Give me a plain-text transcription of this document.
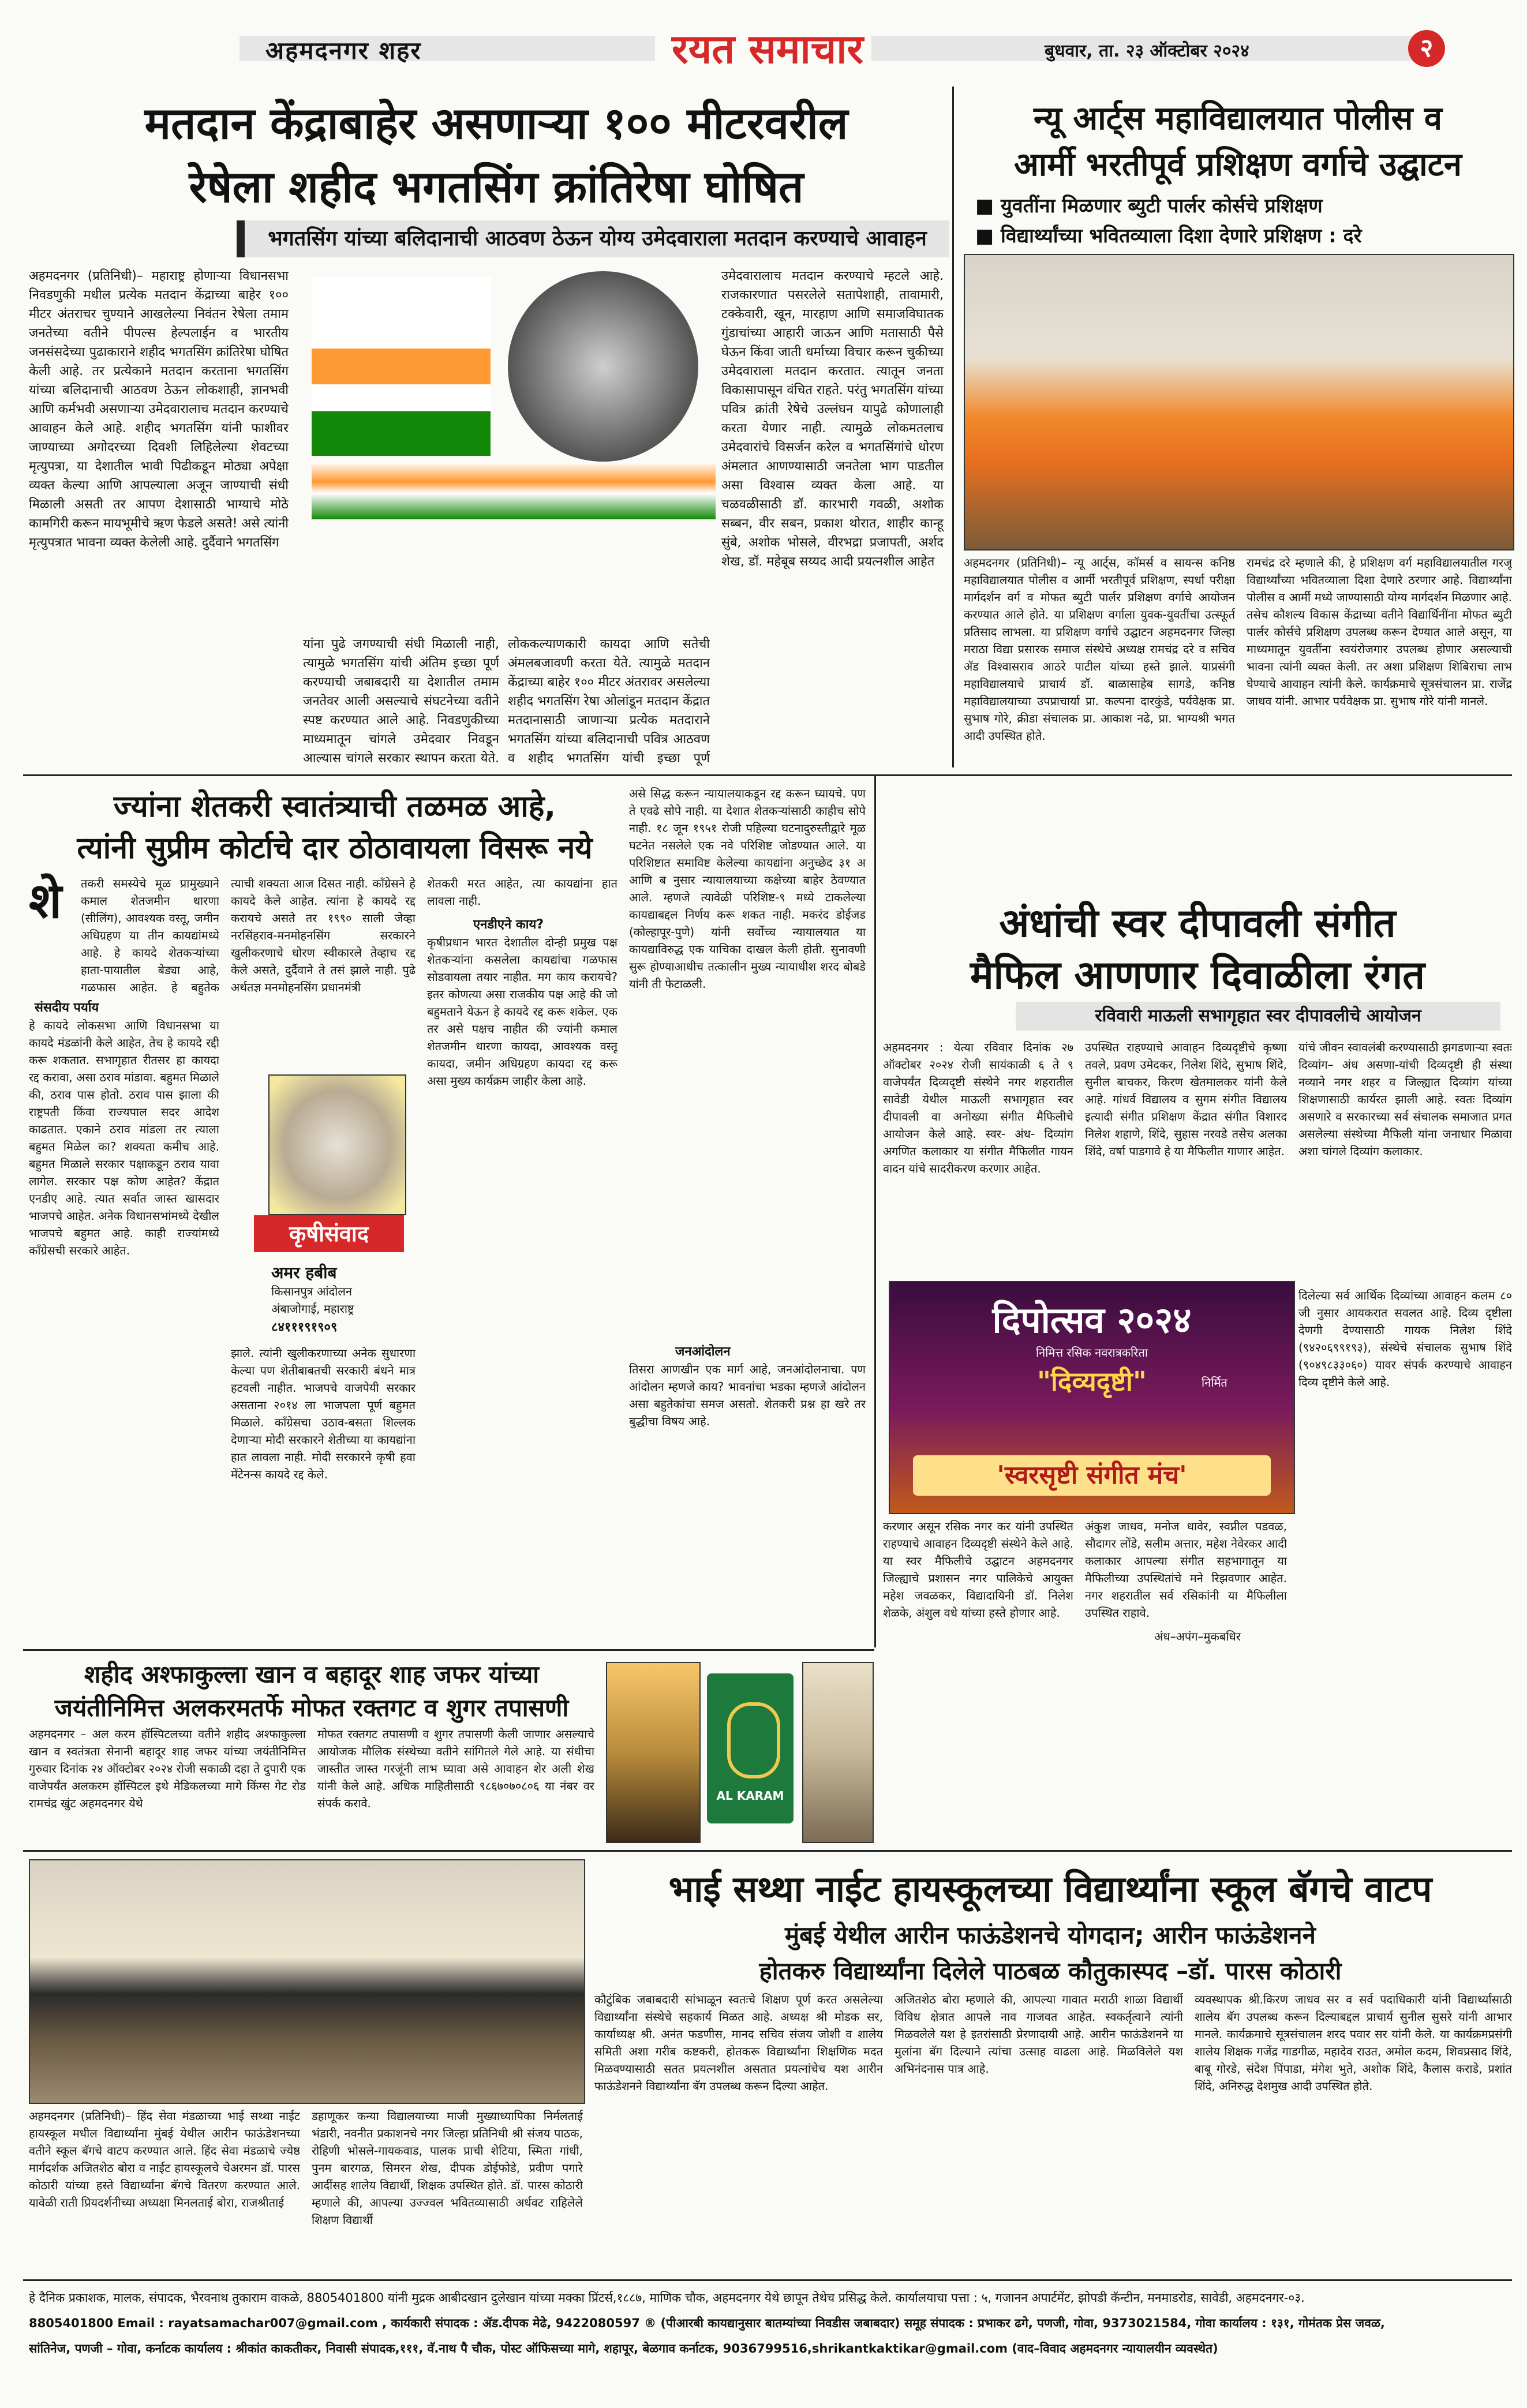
अहमदनगर शहर	रयत समाचार	बुधवार, ता. २३ ऑक्टोबर २०२४	२
मतदान केंद्राबाहेर असणाऱ्या १०० मीटरवरील
रेषेला शहीद भगतसिंग क्रांतिरेषा घोषित
भगतसिंग यांच्या बलिदानाची आठवण ठेऊन योग्य उमेदवाराला मतदान करण्याचे आवाहन
अहमदनगर (प्रतिनिधी)– महाराष्ट्र होणाऱ्या विधानसभा निवडणुकी मधील प्रत्येक मतदान केंद्राच्या बाहेर १०० मीटर अंतराचर चुण्याने आखलेल्या निवंतन रेषेला तमाम जनतेच्या वतीने पीपल्स हेल्पलाईन व भारतीय जनसंसदेच्या पुढाकाराने शहीद भगतसिंग क्रांतिरेषा घोषित केली आहे. तर प्रत्येकाने मतदान करताना भगतसिंग यांच्या बलिदानाची आठवण ठेऊन लोकशाही, ज्ञानभवी आणि कर्मभवी असणाऱ्या उमेदवारालाच मतदान करण्याचे आवाहन केले आहे. शहीद भगतसिंग यांनी फाशीवर जाण्याच्या अगोदरच्या दिवशी लिहिलेल्या शेवटच्या मृत्युपत्रा, या देशातील भावी पिढीकडून मोठ्या अपेक्षा व्यक्त केल्या आणि आपल्याला अजून जाण्याची संधी मिळाली असती तर आपण देशासाठी भाग्याचे मोठे कामगिरी करून मायभूमीचे ऋण फेडले असते! असे त्यांनी मृत्युपत्रात भावना व्यक्त केलेली आहे. दुर्दैवाने भगतसिंग
यांना पुढे जगण्याची संधी मिळाली नाही, त्यामुळे भगतसिंग यांची अंतिम इच्छा पूर्ण करण्याची जबाबदारी या देशातील तमाम जनतेवर आली असल्याचे संघटनेच्या वतीने स्पष्ट करण्यात आले आहे. निवडणुकीच्या माध्यमातून चांगले उमेदवार निवडून आल्यास चांगले सरकार स्थापन करता येते.
लोककल्याणकारी कायदा आणि सतेची अंमलबजावणी करता येते. त्यामुळे मतदान केंद्राच्या बाहेर १०० मीटर अंतरावर असलेल्या शहीद भगतसिंग रेषा ओलांडून मतदान केंद्रात मतदानासाठी जाणाऱ्या प्रत्येक मतदाराने भगतसिंग यांच्या बलिदानाची पवित्र आठवण व शहीद भगतसिंग यांची इच्छा पूर्ण
उमेदवारालाच मतदान करण्याचे म्हटले आहे. राजकारणात पसरलेले सतापेशाही, तावामारी, टक्केवारी, खून, मारहाण आणि समाजविघातक गुंडाचांच्या आहारी जाऊन आणि मतासाठी पैसे घेऊन किंवा जाती धर्माच्या विचार करून चुकीच्या उमेदवाराला मतदान करतात. त्यातून जनता विकासापासून वंचित राहते. परंतु भगतसिंग यांच्या पवित्र क्रांती रेषेचे उल्लंघन यापुढे कोणालाही करता येणार नाही. त्यामुळे लोकमतलाच उमेदवारांचे विसर्जन करेल व भगतसिंगांचे धोरण अंमलात आणण्यासाठी जनतेला भाग पाडतील असा विश्वास व्यक्त केला आहे. या चळवळीसाठी डॉ. कारभारी गवळी, अशोक सब्बन, वीर सबन, प्रकाश थोरात, शाहीर कान्हू सुंबे, अशोक भोसले, वीरभद्रा प्रजापती, अर्शद शेख, डॉ. महेबूब सय्यद आदी प्रयत्नशील आहेत
न्यू आर्ट्स महाविद्यालयात पोलीस व
आर्मी भरतीपूर्व प्रशिक्षण वर्गाचे उद्घाटन
■ युवतींना मिळणार ब्युटी पार्लर कोर्सचे प्रशिक्षण
■ विद्यार्थ्यांच्या भवितव्याला दिशा देणारे प्रशिक्षण : दरे
अहमदनगर (प्रतिनिधी)– न्यू आर्ट्स, कॉमर्स व सायन्स कनिष्ठ महाविद्यालयात पोलीस व आर्मी भरतीपूर्व प्रशिक्षण, स्पर्धा परीक्षा मार्गदर्शन वर्ग व मोफत ब्युटी पार्लर प्रशिक्षण वर्गाचे आयोजन करण्यात आले होते. या प्रशिक्षण वर्गाला युवक-युवतींचा उत्स्फूर्त प्रतिसाद लाभला. या प्रशिक्षण वर्गाचे उद्घाटन अहमदनगर जिल्हा मराठा विद्या प्रसारक समाज संस्थेचे अध्यक्ष रामचंद्र दरे व सचिव ॲड विश्वासराव आठरे पाटील यांच्या हस्ते झाले. याप्रसंगी महाविद्यालयाचे प्राचार्य डॉ. बाळासाहेब सागडे, कनिष्ठ महाविद्यालयाच्या उपप्राचार्या प्रा. कल्पना दारकुंडे, पर्यवेक्षक प्रा. सुभाष गोरे, क्रीडा संचालक प्रा. आकाश नढे, प्रा. भाग्यश्री भगत आदी उपस्थित होते.
रामचंद्र दरे म्हणाले की, हे प्रशिक्षण वर्ग महाविद्यालयातील गरजू विद्यार्थ्यांच्या भवितव्याला दिशा देणारे ठरणार आहे. विद्यार्थ्यांना पोलीस व आर्मी मध्ये जाण्यासाठी योग्य मार्गदर्शन मिळणार आहे. तसेच कौशल्य विकास केंद्राच्या वतीने विद्यार्थिनींना मोफत ब्युटी पार्लर कोर्सचे प्रशिक्षण उपलब्ध करून देण्यात आले असून, या माध्यमातून युवतींना स्वयंरोजगार उपलब्ध होणार असल्याची भावना त्यांनी व्यक्त केली. तर अशा प्रशिक्षण शिबिराचा लाभ घेण्याचे आवाहन त्यांनी केले. कार्यक्रमाचे सूत्रसंचालन प्रा. राजेंद्र जाधव यांनी. आभार पर्यवेक्षक प्रा. सुभाष गोरे यांनी मानले.
ज्यांना शेतकरी स्वातंत्र्याची तळमळ आहे,
त्यांनी सुप्रीम कोर्टाचे दार ठोठावायला विसरू नये
शे तकरी समस्येचे मूळ प्रामुख्याने कमाल शेतजमीन धारणा (सीलिंग), आवश्यक वस्तू, जमीन अधिग्रहण या तीन कायद्यांमध्ये आहे. हे कायदे शेतकऱ्यांच्या हाता-पायातील बेड्या आहे, गळफास आहेत. हे बहुतेक
संसदीय पर्याय
हे कायदे लोकसभा आणि विधानसभा या कायदे मंडळांनी केले आहेत, तेच हे कायदे रद्दी करू शकतात. सभागृहात रीतसर हा कायदा रद्द करावा, असा ठराव मांडावा. बहुमत मिळाले की, ठराव पास होतो. ठराव पास झाला की राष्ट्रपती किंवा राज्यपाल सदर आदेश काढतात. एकाने ठराव मांडला तर त्याला बहुमत मिळेल का? शक्यता कमीच आहे. बहुमत मिळाले सरकार पक्षाकडून ठराव यावा लागेल. सरकार पक्ष कोण आहेत? केंद्रात एनडीए आहे. त्यात सर्वात जास्त खासदार भाजपचे आहेत. अनेक विधानसभांमध्ये देखील भाजपचे बहुमत आहे. काही राज्यांमध्ये काँग्रेसची सरकारे आहेत.
त्याची शक्यता आज दिसत नाही. काँग्रेसने हे कायदे केले आहेत. त्यांना हे कायदे रद्द करायचे असते तर १९९० साली जेव्हा नरसिंहराव-मनमोहनसिंग सरकारने खुलीकरणाचे धोरण स्वीकारले तेव्हाच रद्द केले असते, दुर्दैवाने ते तसं झाले नाही. पुढे अर्थतज्ञ मनमोहनसिंग प्रधानमंत्री
शेतकरी मरत आहेत, त्या कायद्यांना हात लावला नाही.
एनडीएने काय?
कृषीप्रधान भारत देशातील दोन्ही प्रमुख पक्ष शेतकऱ्यांना कसलेला कायद्यांचा गळफास सोडवायला तयार नाहीत. मग काय करायचे? इतर कोणत्या असा राजकीय पक्ष आहे की जो बहुमताने येऊन हे कायदे रद्द करू शकेल. एक तर असे पक्षच नाहीत की ज्यांनी कमाल शेतजमीन धारणा कायदा, आवश्यक वस्तू कायदा, जमीन अधिग्रहण कायदा रद्द करू असा मुख्य कार्यक्रम जाहीर केला आहे.
कृषीसंवाद
अमर हबीब
किसानपुत्र आंदोलन
अंबाजोगाई, महाराष्ट्र
८४१११९१९०९
झाले. त्यांनी खुलीकरणाच्या अनेक सुधारणा केल्या पण शेतीबाबतची सरकारी बंधने मात्र हटवली नाहीत. भाजपचे वाजपेयी सरकार असताना २०१४ ला भाजपला पूर्ण बहुमत मिळाले. काँग्रेसचा उठाव-बसता शिल्लक देणाऱ्या मोदी सरकारने शेतीच्या या कायद्यांना हात लावला नाही. मोदी सरकारने कृषी हवा मेंटेनन्स कायदे रद्द केले.
असे सिद्ध करून न्यायालयाकडून रद्द करून घ्यायचे. पण ते एवढे सोपे नाही. या देशात शेतकऱ्यांसाठी काहीच सोपे नाही. १८ जून १९५१ रोजी पहिल्या घटनादुरुस्तीद्वारे मूळ घटनेत नसलेले एक नवे परिशिष्ट जोडण्यात आले. या परिशिष्टात समाविष्ट केलेल्या कायद्यांना अनुच्छेद ३१ अ आणि ब नुसार न्यायालयाच्या कक्षेच्या बाहेर ठेवण्यात आले. म्हणजे त्यावेळी परिशिष्ट-९ मध्ये टाकलेल्या कायद्याबद्दल निर्णय करू शकत नाही. मकरंद डोईजड (कोल्हापूर-पुणे) यांनी सर्वोच्च न्यायालयात या कायद्याविरुद्ध एक याचिका दाखल केली होती. सुनावणी सुरू होण्याआधीच तत्कालीन मुख्य न्यायाधीश शरद बोबडे यांनी ती फेटाळली.
जनआंदोलन
तिसरा आणखीन एक मार्ग आहे, जनआंदोलनाचा. पण आंदोलन म्हणजे काय? भावनांचा भडका म्हणजे आंदोलन असा बहुतेकांचा समज असतो. शेतकरी प्रश्न हा खरे तर बुद्धीचा विषय आहे.
अंधांची स्वर दीपावली संगीत
मैफिल आणणार दिवाळीला रंगत
रविवारी माऊली सभागृहात स्वर दीपावलीचे आयोजन
अहमदनगर : येत्या रविवार दिनांक २७ ऑक्टोबर २०२४ रोजी सायंकाळी ६ ते ९ वाजेपर्यंत दिव्यदृष्टी संस्थेने नगर शहरातील सावेडी येथील माऊली सभागृहात स्वर दीपावली वा अनोख्या संगीत मैफिलीचे आयोजन केले आहे. स्वर- अंध- दिव्यांग अगणित कलाकार या संगीत मैफिलीत गायन वादन यांचे सादरीकरण करणार आहेत.
उपस्थित राहण्याचे आवाहन दिव्यदृष्टीचे कृष्णा तवले, प्रवण उमेदकर, निलेश शिंदे, सुभाष शिंदे, सुनील बाचकर, किरण खेतमालकर यांनी केले आहे. गांधर्व विद्यालय व सुगम संगीत विद्यालय इत्यादी संगीत प्रशिक्षण केंद्रात संगीत विशारद निलेश शहाणे, शिंदे, सुहास नरवडे तसेच अलका शिंदे, वर्षा पाडगावे हे या मैफिलीत गाणार आहेत.
यांचे जीवन स्वावलंबी करण्यासाठी झगडणाऱ्या स्वतः दिव्यांग– अंध असणा-यांची दिव्यदृष्टी ही संस्था नव्याने नगर शहर व जिल्ह्यात दिव्यांग यांच्या शिक्षणासाठी कार्यरत झाली आहे. स्वतः दिव्यांग असणारे व सरकारच्या सर्व संचालक समाजात प्रगत असलेल्या संस्थेच्या मैफिली यांना जनाधार मिळावा अशा चांगले दिव्यांग कलाकार.
निमित्त रसिक नवरात्रकरिता
दिपोत्सव २०२४
"दिव्यदृष्टी"	निर्मित
'स्वरसृष्टी संगीत मंच'
दिलेल्या सर्व आर्थिक दिव्यांच्या आवाहन कलम ८० जी नुसार आयकरात सवलत आहे. दिव्य दृष्टीला देणगी देण्यासाठी गायक निलेश शिंदे (९४२०६९९१९३), संस्थेचे संचालक सुभाष शिंदे (९०४९८३३०६०) यावर संपर्क करण्याचे आवाहन दिव्य दृष्टीने केले आहे.
करणार असून रसिक नगर कर यांनी उपस्थित राहण्याचे आवाहन दिव्यदृष्टी संस्थेने केले आहे. या स्वर मैफिलीचे उद्घाटन अहमदनगर जिल्ह्याचे प्रशासन नगर पालिकेचे आयुक्त महेश जवळकर, विद्यादायिनी डॉ. निलेश शेळके, अंशुल वधे यांच्या हस्ते होणार आहे.
अंकुश जाधव, मनोज धावेर, स्वप्नील पडवळ, सौदागर लोंडे, सलीम अत्तार, महेश नेवेरकर आदी कलाकार आपल्या संगीत सहभागातून या मैफिलीच्या उपस्थितांचे मने रिझवणार आहेत. नगर शहरातील सर्व रसिकांनी या मैफिलीला उपस्थित राहावे.
अंध–अपंग–मुकबधिर
शहीद अश्फाकुल्ला खान व बहादूर शाह जफर यांच्या
जयंतीनिमित्त अलकरमतर्फे मोफत रक्तगट व शुगर तपासणी
अहमदनगर – अल करम हॉस्पिटलच्या वतीने शहीद अश्फाकुल्ला खान व स्वतंत्रता सेनानी बहादूर शाह जफर यांच्या जयंतीनिमित्त गुरुवार दिनांक २४ ऑक्टोबर २०२४ रोजी सकाळी दहा ते दुपारी एक वाजेपर्यंत अलकरम हॉस्पिटल इथे मेडिकलच्या मागे किंग्स गेट रोड रामचंद्र खुंट अहमदनगर येथे
मोफत रक्तगट तपासणी व शुगर तपासणी केली जाणार असल्याचे आयोजक मौलिक संस्थेच्या वतीने सांगितले गेले आहे. या संधीचा जास्तीत जास्त गरजूंनी लाभ घ्यावा असे आवाहन शेर अली शेख यांनी केले आहे. अधिक माहितीसाठी ९८६७०७०८०६ या नंबर वर संपर्क करावे.
AL KARAM
भाई सथ्था नाईट हायस्कूलच्या विद्यार्थ्यांना स्कूल बॅगचे वाटप
मुंबई येथील आरीन फाऊंडेशनचे योगदान; आरीन फाऊंडेशनने
होतकरु विद्यार्थ्यांना दिलेले पाठबळ कौतुकास्पद –डॉ. पारस कोठारी
कौटुंबिक जबाबदारी सांभाळून स्वतःचे शिक्षण पूर्ण करत असलेल्या विद्यार्थ्यांना संस्थेचे सहकार्य मिळत आहे. अध्यक्ष श्री मोडक सर, कार्याध्यक्ष श्री. अनंत फडणीस, मानद सचिव संजय जोशी व शालेय समिती अशा गरीब कष्टकरी, होतकरू विद्यार्थ्यांना शिक्षणिक मदत मिळवण्यासाठी सतत प्रयत्नशील असतात प्रयत्नांचेच यश आरीन फाऊंडेशनने विद्यार्थ्यांना बॅग उपलब्ध करून दिल्या आहेत.
अजितशेठ बोरा म्हणाले की, आपल्या गावात मराठी शाळा विद्यार्थी विविध क्षेत्रात आपले नाव गाजवत आहेत. स्वकर्तृत्वाने त्यांनी मिळवलेले यश हे इतरांसाठी प्रेरणादायी आहे. आरीन फाऊंडेशनने या मुलांना बॅग दिल्याने त्यांचा उत्साह वाढला आहे. मिळविलेले यश अभिनंदनास पात्र आहे.
व्यवस्थापक श्री.किरण जाधव सर व सर्व पदाधिकारी यांनी विद्यार्थ्यांसाठी शालेय बॅग उपलब्ध करून दिल्याबद्दल प्राचार्य सुनील सुसरे यांनी आभार मानले. कार्यक्रमाचे सूत्रसंचालन शरद पवार सर यांनी केले. या कार्यक्रमप्रसंगी शालेय शिक्षक गजेंद्र गाडगीळ, महादेव राउत, अमोल कदम, शिवप्रसाद शिंदे, बाबू गोरडे, संदेश पिंपाडा, मंगेश भुते, अशोक शिंदे, कैलास कराडे, प्रशांत शिंदे, अनिरुद्ध देशमुख आदी उपस्थित होते.
अहमदनगर (प्रतिनिधी)– हिंद सेवा मंडळाच्या भाई सथ्था नाईट हायस्कूल मधील विद्यार्थ्यांना मुंबई येथील आरीन फाऊंडेशनच्या वतीने स्कूल बॅगचे वाटप करण्यात आले. हिंद सेवा मंडळाचे ज्येष्ठ मार्गदर्शक अजितशेठ बोरा व नाईट हायस्कूलचे चेअरमन डॉ. पारस कोठारी यांच्या हस्ते विद्यार्थ्यांना बॅगचे वितरण करण्यात आले. यावेळी राती प्रियदर्शनीच्या अध्यक्षा मिनलताई बोरा, राजश्रीताई
डहाणूकर कन्या विद्यालयाच्या माजी मुख्याध्यापिका निर्मलताई भंडारी, नवनीत प्रकाशनचे नगर जिल्हा प्रतिनिधी श्री संजय पाठक, रोहिणी भोसले-गायकवाड, पालक प्राची शेटिया, स्मिता गांधी, पुनम बारगळ, सिमरन शेख, दीपक डोईफोडे, प्रवीण पगारे आदींसह शालेय विद्यार्थी, शिक्षक उपस्थित होते. डॉ. पारस कोठारी म्हणाले की, आपल्या उज्ज्वल भवितव्यासाठी अर्धवट राहिलेले शिक्षण विद्यार्थी
हे दैनिक प्रकाशक, मालक, संपादक, भैरवनाथ तुकाराम वाकळे, 8805401800 यांनी मुद्रक आबीदखान दुलेखान यांच्या मक्का प्रिंटर्स,१८८७, माणिक चौक, अहमदनगर येथे छापून तेथेच प्रसिद्ध केले. कार्यालयाचा पत्ता : ५, गजानन अपार्टमेंट, झोपडी कॅन्टीन, मनमाडरोड, सावेडी, अहमदनगर-०३.
8805401800 Email : rayatsamachar007@gmail.com , कार्यकारी संपादक : ॲड.दीपक मेढे, 9422080597 ® (पीआरबी कायद्यानुसार बातम्यांच्या निवडीस जबाबदार) समूह संपादक : प्रभाकर ढगे, पणजी, गोवा, 9373021584, गोवा कार्यालय : १३१, गोमंतक प्रेस जवळ,
सांतिनेज, पणजी – गोवा, कर्नाटक कार्यालय : श्रीकांत काकतीकर, निवासी संपादक,१११, वॅ.नाथ पै चौक, पोस्ट ऑफिसच्या मागे, शहापूर, बेळगाव कर्नाटक, 9036799516,shrikantkaktikar@gmail.com (वाद–विवाद अहमदनगर न्यायालयीन व्यवस्थेत)
